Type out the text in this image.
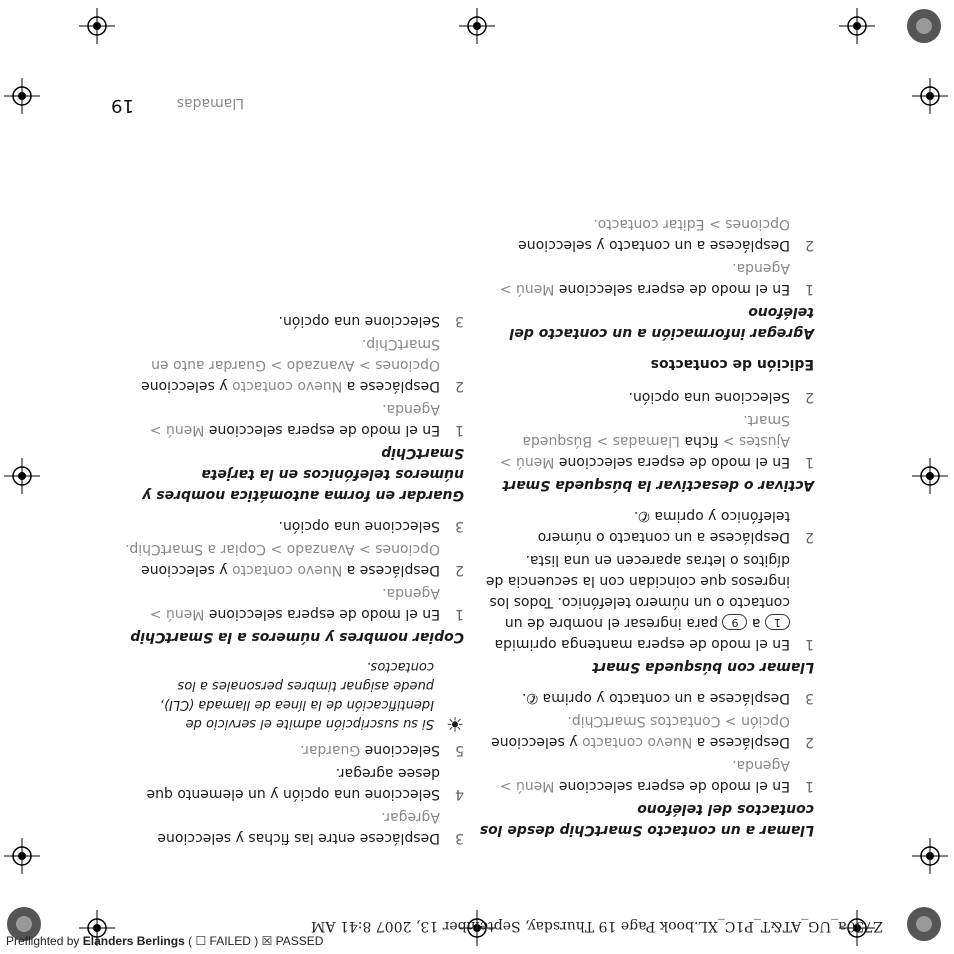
Z750a_UG_AT&T_P1C_XL.book Page 19 Thursday, September 13, 2007 8:41 AM
Llamadas
19
Llamar a un contacto SmartChip desde los contactos del teléfono
1
En el modo de espera seleccione Menú > Agenda.
2
Desplácese a Nuevo contacto y seleccione Opción > Contactos SmartChip.
3
Desplácese a un contacto y oprima ✆.
Llamar con búsqueda Smart
1
En el modo de espera mantenga oprimida 1 a 9 para ingresar el nombre de un contacto o un número telefónico. Todos los ingresos que coincidan con la secuencia de dígitos o letras aparecen en una lista.
2
Desplácese a un contacto o número telefónico y oprima ✆.
Activar o desactivar la búsqueda Smart
1
En el modo de espera seleccione Menú > Ajustes > ficha Llamadas > Búsqueda Smart.
2
Seleccione una opción.
Edición de contactos
Agregar información a un contacto del teléfono
1
En el modo de espera seleccione Menú > Agenda.
2
Desplácese a un contacto y seleccione Opciones > Editar contacto.
3
Desplácese entre las fichas y seleccione Agregar.
4
Seleccione una opción y un elemento que desee agregar.
5
Seleccione Guardar.
☀
Si su suscripción admite el servicio de Identificación de la línea de llamada (CLI), puede asignar timbres personales a los contactos.
Copiar nombres y números a la SmartChip
1
En el modo de espera seleccione Menú > Agenda.
2
Desplácese a Nuevo contacto y seleccione Opciones > Avanzado > Copiar a SmartChip.
3
Seleccione una opción.
Guardar en forma automática nombres y números telefónicos en la tarjeta SmartChip
1
En el modo de espera seleccione Menú > Agenda.
2
Desplácese a Nuevo contacto y seleccione Opciones > Avanzado > Guardar auto en SmartChip.
3
Seleccione una opción.
Preflighted by Elanders Berlings ( ☐ FAILED ) ☒ PASSED
